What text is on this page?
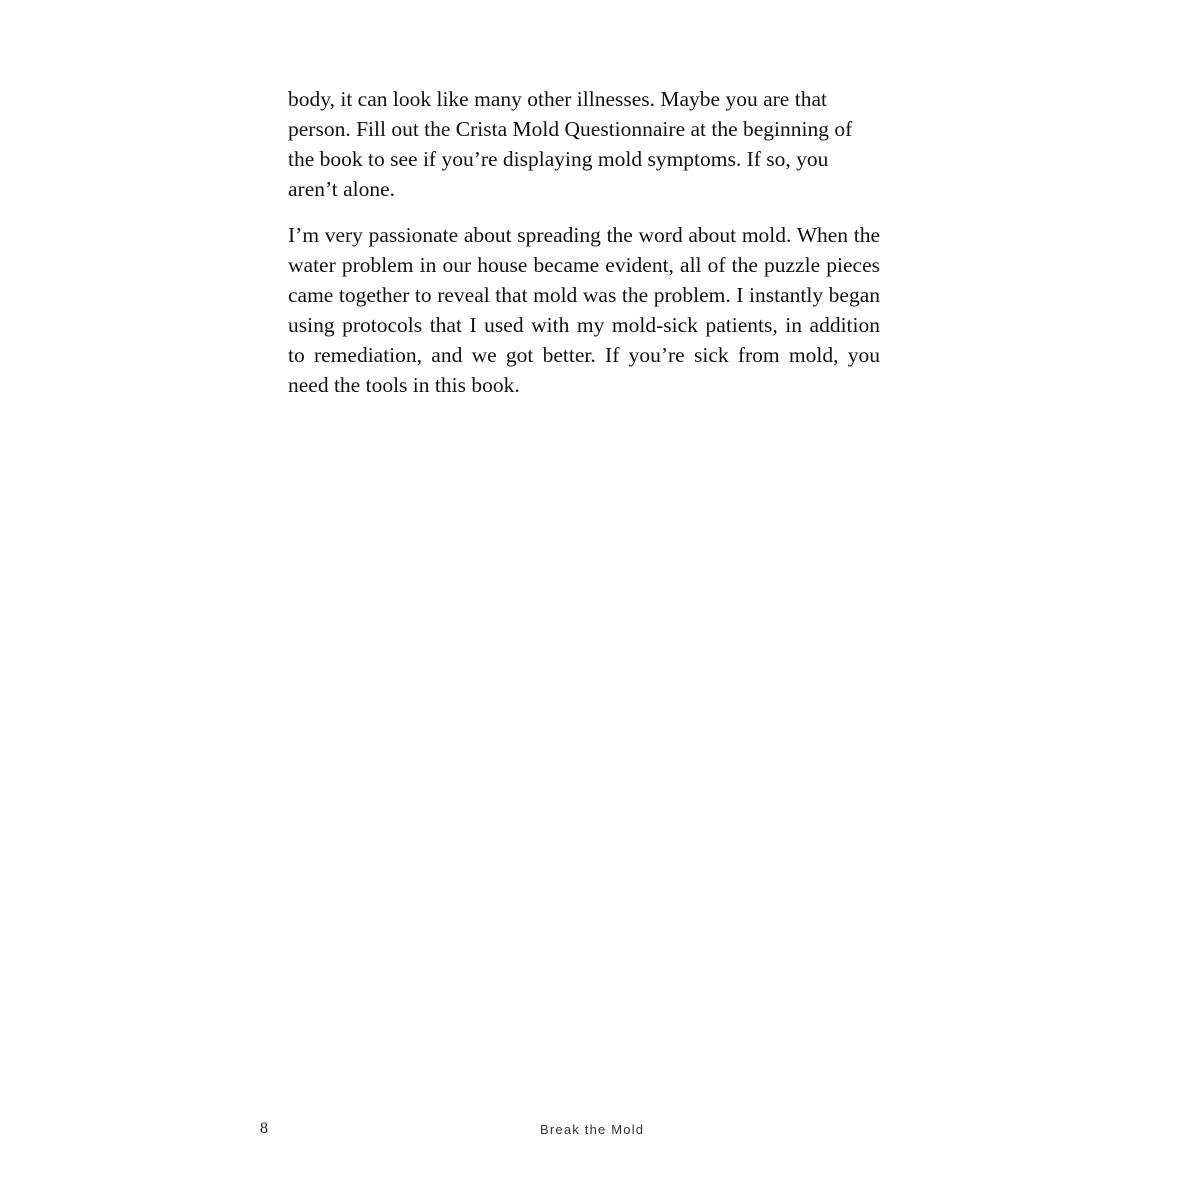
body, it can look like many other illnesses. Maybe you are that person. Fill out the Crista Mold Questionnaire at the beginning of the book to see if you’re displaying mold symptoms. If so, you aren’t alone.

I’m very passionate about spreading the word about mold. When the water problem in our house became evident, all of the puzzle pieces came together to reveal that mold was the problem. I instantly began using protocols that I used with my mold-sick patients, in addition to remediation, and we got better. If you’re sick from mold, you need the tools in this book.

8	Break the Mold
